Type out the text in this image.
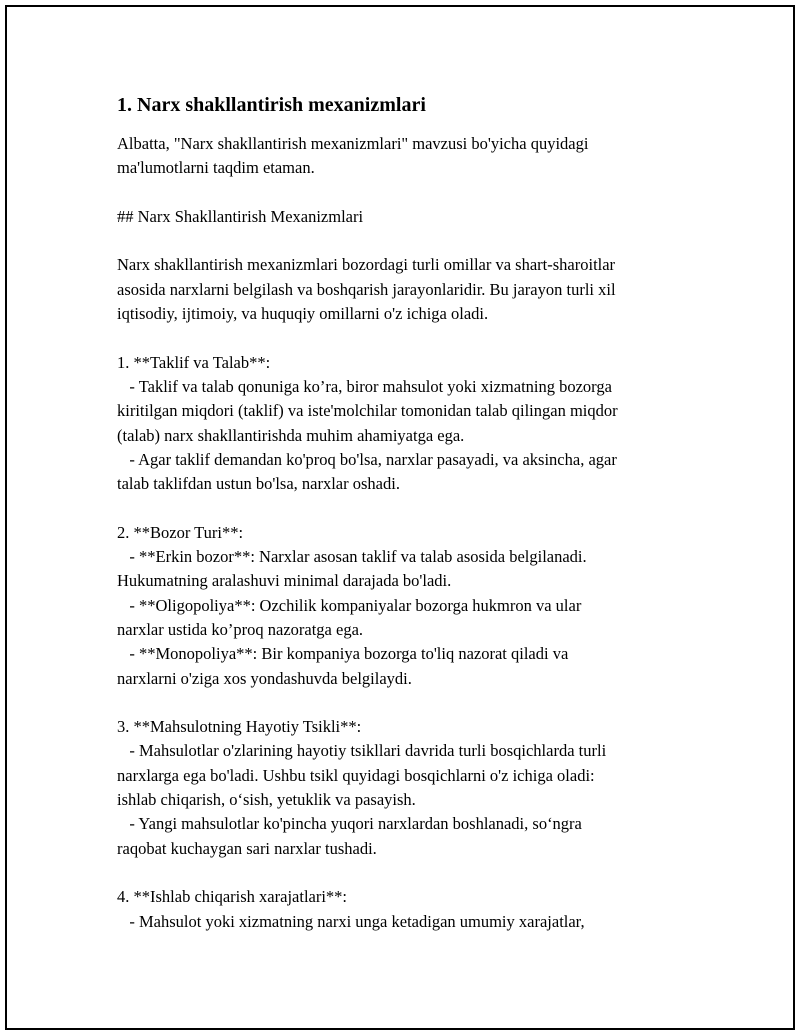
1. Narx shakllantirish mexanizmlari

Albatta, "Narx shakllantirish mexanizmlari" mavzusi bo'yicha quyidagi
ma'lumotlarni taqdim etaman.

## Narx Shakllantirish Mexanizmlari

Narx shakllantirish mexanizmlari bozordagi turli omillar va shart-sharoitlar
asosida narxlarni belgilash va boshqarish jarayonlaridir. Bu jarayon turli xil
iqtisodiy, ijtimoiy, va huquqiy omillarni o'z ichiga oladi.

1. **Taklif va Talab**:
- Taklif va talab qonuniga ko’ra, biror mahsulot yoki xizmatning bozorga
kiritilgan miqdori (taklif) va iste'molchilar tomonidan talab qilingan miqdor
(talab) narx shakllantirishda muhim ahamiyatga ega.
- Agar taklif demandan ko'proq bo'lsa, narxlar pasayadi, va aksincha, agar
talab taklifdan ustun bo'lsa, narxlar oshadi.

2. **Bozor Turi**:
- **Erkin bozor**: Narxlar asosan taklif va talab asosida belgilanadi.
Hukumatning aralashuvi minimal darajada bo'ladi.
- **Oligopoliya**: Ozchilik kompaniyalar bozorga hukmron va ular
narxlar ustida ko’proq nazoratga ega.
- **Monopoliya**: Bir kompaniya bozorga to'liq nazorat qiladi va
narxlarni o'ziga xos yondashuvda belgilaydi.

3. **Mahsulotning Hayotiy Tsikli**:
- Mahsulotlar o'zlarining hayotiy tsikllari davrida turli bosqichlarda turli
narxlarga ega bo'ladi. Ushbu tsikl quyidagi bosqichlarni o'z ichiga oladi:
ishlab chiqarish, o‘sish, yetuklik va pasayish.
- Yangi mahsulotlar ko'pincha yuqori narxlardan boshlanadi, so‘ngra
raqobat kuchaygan sari narxlar tushadi.

4. **Ishlab chiqarish xarajatlari**:
- Mahsulot yoki xizmatning narxi unga ketadigan umumiy xarajatlar,
